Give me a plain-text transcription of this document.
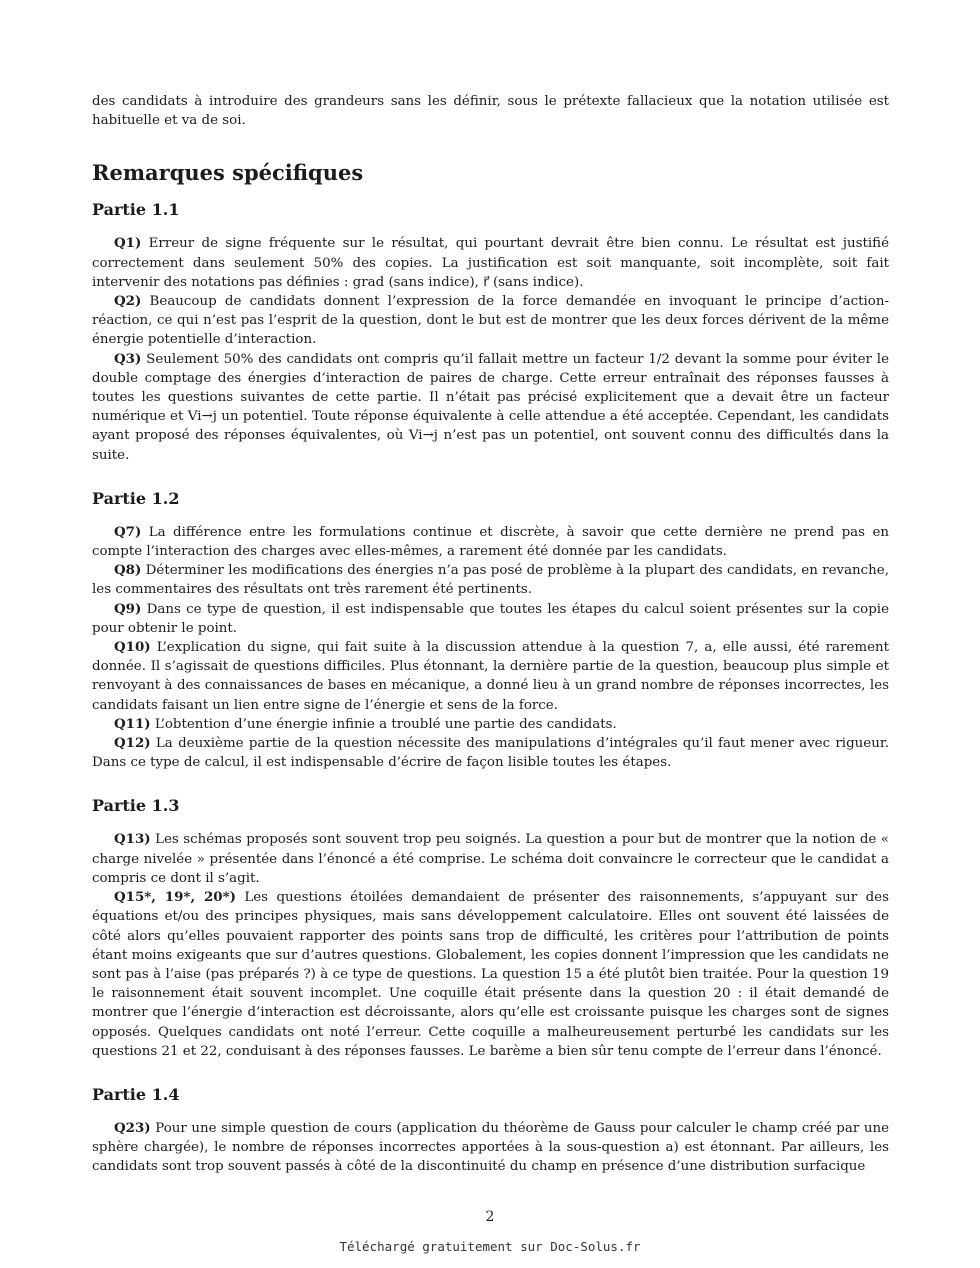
des candidats à introduire des grandeurs sans les définir, sous le prétexte fallacieux que la notation utilisée est habituelle et va de soi.

Remarques spécifiques
Partie 1.1

Q1) Erreur de signe fréquente sur le résultat, qui pourtant devrait être bien connu. Le résultat est justifié correctement dans seulement 50% des copies. La justification est soit manquante, soit incomplète, soit fait intervenir des notations pas définies : grad (sans indice), r⃗ (sans indice).

Q2) Beaucoup de candidats donnent l’expression de la force demandée en invoquant le principe d’action-réaction, ce qui n’est pas l’esprit de la question, dont le but est de montrer que les deux forces dérivent de la même énergie potentielle d’interaction.

Q3) Seulement 50% des candidats ont compris qu’il fallait mettre un facteur 1/2 devant la somme pour éviter le double comptage des énergies d’interaction de paires de charge. Cette erreur entraînait des réponses fausses à toutes les questions suivantes de cette partie. Il n’était pas précisé explicitement que a devait être un facteur numérique et Vi→j un potentiel. Toute réponse équivalente à celle attendue a été acceptée. Cependant, les candidats ayant proposé des réponses équivalentes, où Vi→j n’est pas un potentiel, ont souvent connu des difficultés dans la suite.

Partie 1.2

Q7) La différence entre les formulations continue et discrète, à savoir que cette dernière ne prend pas en compte l’interaction des charges avec elles-mêmes, a rarement été donnée par les candidats.

Q8) Déterminer les modifications des énergies n’a pas posé de problème à la plupart des candidats, en revanche, les commentaires des résultats ont très rarement été pertinents.

Q9) Dans ce type de question, il est indispensable que toutes les étapes du calcul soient présentes sur la copie pour obtenir le point.

Q10) L’explication du signe, qui fait suite à la discussion attendue à la question 7, a, elle aussi, été rarement donnée. Il s’agissait de questions difficiles. Plus étonnant, la dernière partie de la question, beaucoup plus simple et renvoyant à des connaissances de bases en mécanique, a donné lieu à un grand nombre de réponses incorrectes, les candidats faisant un lien entre signe de l’énergie et sens de la force.

Q11) L’obtention d’une énergie infinie a troublé une partie des candidats.

Q12) La deuxième partie de la question nécessite des manipulations d’intégrales qu’il faut mener avec rigueur. Dans ce type de calcul, il est indispensable d’écrire de façon lisible toutes les étapes.

Partie 1.3

Q13) Les schémas proposés sont souvent trop peu soignés. La question a pour but de montrer que la notion de « charge nivelée » présentée dans l’énoncé a été comprise. Le schéma doit convaincre le correcteur que le candidat a compris ce dont il s’agit.

Q15*, 19*, 20*) Les questions étoilées demandaient de présenter des raisonnements, s’appuyant sur des équations et/ou des principes physiques, mais sans développement calculatoire. Elles ont souvent été laissées de côté alors qu’elles pouvaient rapporter des points sans trop de difficulté, les critères pour l’attribution de points étant moins exigeants que sur d’autres questions. Globalement, les copies donnent l’impression que les candidats ne sont pas à l’aise (pas préparés ?) à ce type de questions. La question 15 a été plutôt bien traitée. Pour la question 19 le raisonnement était souvent incomplet. Une coquille était présente dans la question 20 : il était demandé de montrer que l’énergie d’interaction est décroissante, alors qu’elle est croissante puisque les charges sont de signes opposés. Quelques candidats ont noté l’erreur. Cette coquille a malheureusement perturbé les candidats sur les questions 21 et 22, conduisant à des réponses fausses. Le barème a bien sûr tenu compte de l’erreur dans l’énoncé.

Partie 1.4

Q23) Pour une simple question de cours (application du théorème de Gauss pour calculer le champ créé par une sphère chargée), le nombre de réponses incorrectes apportées à la sous-question a) est étonnant. Par ailleurs, les candidats sont trop souvent passés à côté de la discontinuité du champ en présence d’une distribution surfacique

2
Téléchargé gratuitement sur Doc-Solus.fr
